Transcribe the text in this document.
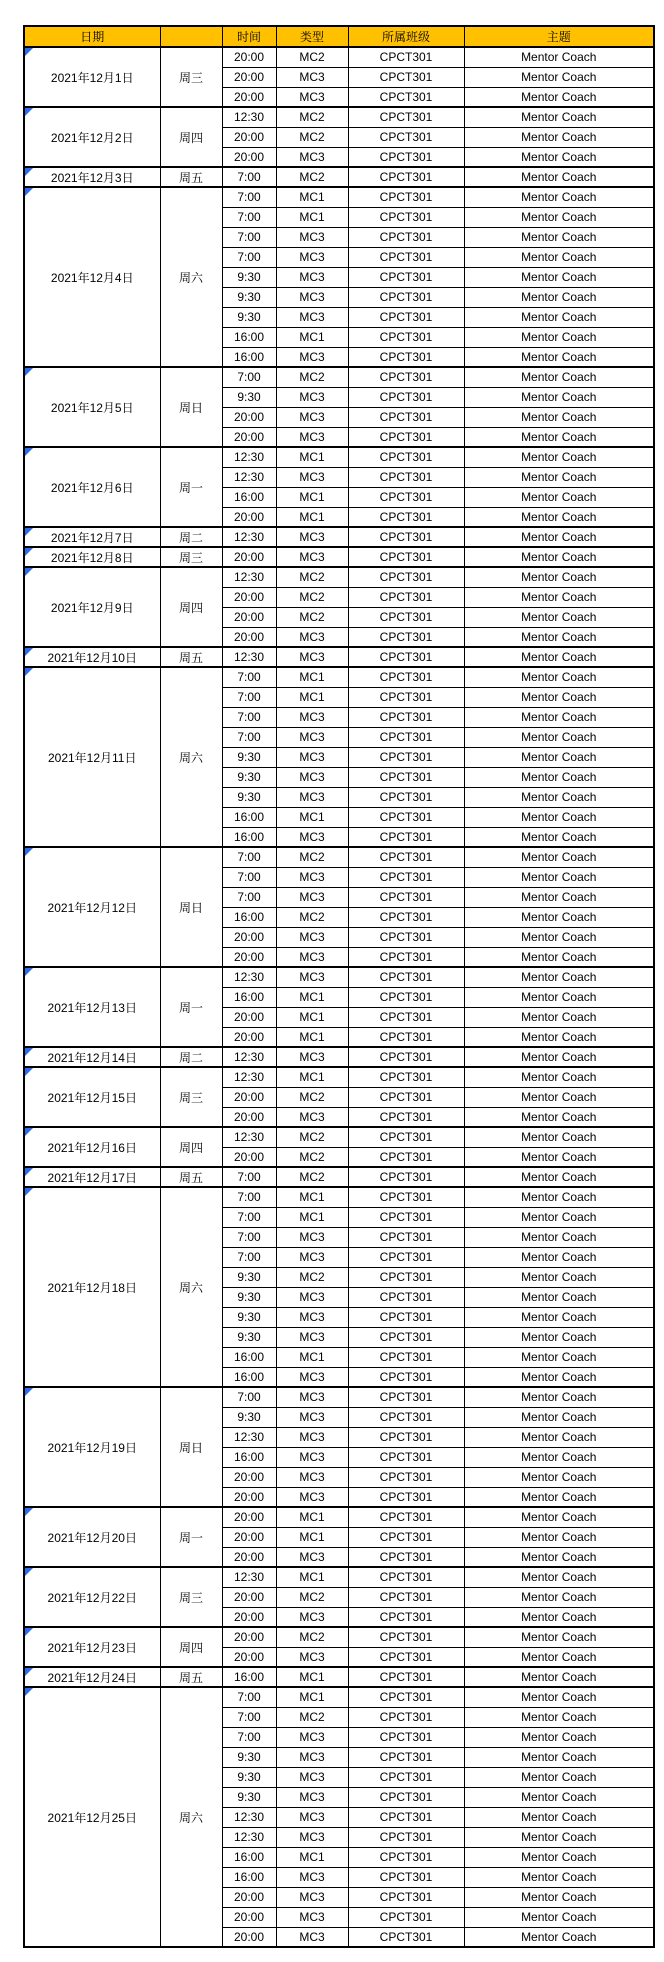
日期		时间	类型	所属班级	主题

2021年12月1日	周三	20:00	MC2	CPCT301	Mentor Coach
		20:00	MC3	CPCT301	Mentor Coach
		20:00	MC3	CPCT301	Mentor Coach

2021年12月2日	周四	12:30	MC2	CPCT301	Mentor Coach
		20:00	MC2	CPCT301	Mentor Coach
		20:00	MC3	CPCT301	Mentor Coach

2021年12月3日	周五	7:00	MC2	CPCT301	Mentor Coach

2021年12月4日	周六	7:00	MC1	CPCT301	Mentor Coach
		7:00	MC1	CPCT301	Mentor Coach
		7:00	MC3	CPCT301	Mentor Coach
		7:00	MC3	CPCT301	Mentor Coach
		9:30	MC3	CPCT301	Mentor Coach
		9:30	MC3	CPCT301	Mentor Coach
		9:30	MC3	CPCT301	Mentor Coach
		16:00	MC1	CPCT301	Mentor Coach
		16:00	MC3	CPCT301	Mentor Coach

2021年12月5日	周日	7:00	MC2	CPCT301	Mentor Coach
		9:30	MC3	CPCT301	Mentor Coach
		20:00	MC3	CPCT301	Mentor Coach
		20:00	MC3	CPCT301	Mentor Coach

2021年12月6日	周一	12:30	MC1	CPCT301	Mentor Coach
		12:30	MC3	CPCT301	Mentor Coach
		16:00	MC1	CPCT301	Mentor Coach
		20:00	MC1	CPCT301	Mentor Coach

2021年12月7日	周二	12:30	MC3	CPCT301	Mentor Coach

2021年12月8日	周三	20:00	MC3	CPCT301	Mentor Coach

2021年12月9日	周四	12:30	MC2	CPCT301	Mentor Coach
		20:00	MC2	CPCT301	Mentor Coach
		20:00	MC2	CPCT301	Mentor Coach
		20:00	MC3	CPCT301	Mentor Coach

2021年12月10日	周五	12:30	MC3	CPCT301	Mentor Coach

2021年12月11日	周六	7:00	MC1	CPCT301	Mentor Coach
		7:00	MC1	CPCT301	Mentor Coach
		7:00	MC3	CPCT301	Mentor Coach
		7:00	MC3	CPCT301	Mentor Coach
		9:30	MC3	CPCT301	Mentor Coach
		9:30	MC3	CPCT301	Mentor Coach
		9:30	MC3	CPCT301	Mentor Coach
		16:00	MC1	CPCT301	Mentor Coach
		16:00	MC3	CPCT301	Mentor Coach

2021年12月12日	周日	7:00	MC2	CPCT301	Mentor Coach
		7:00	MC3	CPCT301	Mentor Coach
		7:00	MC3	CPCT301	Mentor Coach
		16:00	MC2	CPCT301	Mentor Coach
		20:00	MC3	CPCT301	Mentor Coach
		20:00	MC3	CPCT301	Mentor Coach

2021年12月13日	周一	12:30	MC3	CPCT301	Mentor Coach
		16:00	MC1	CPCT301	Mentor Coach
		20:00	MC1	CPCT301	Mentor Coach
		20:00	MC1	CPCT301	Mentor Coach

2021年12月14日	周二	12:30	MC3	CPCT301	Mentor Coach

2021年12月15日	周三	12:30	MC1	CPCT301	Mentor Coach
		20:00	MC2	CPCT301	Mentor Coach
		20:00	MC3	CPCT301	Mentor Coach

2021年12月16日	周四	12:30	MC2	CPCT301	Mentor Coach
		20:00	MC2	CPCT301	Mentor Coach

2021年12月17日	周五	7:00	MC2	CPCT301	Mentor Coach

2021年12月18日	周六	7:00	MC1	CPCT301	Mentor Coach
		7:00	MC1	CPCT301	Mentor Coach
		7:00	MC3	CPCT301	Mentor Coach
		7:00	MC3	CPCT301	Mentor Coach
		9:30	MC2	CPCT301	Mentor Coach
		9:30	MC3	CPCT301	Mentor Coach
		9:30	MC3	CPCT301	Mentor Coach
		9:30	MC3	CPCT301	Mentor Coach
		16:00	MC1	CPCT301	Mentor Coach
		16:00	MC3	CPCT301	Mentor Coach

2021年12月19日	周日	7:00	MC3	CPCT301	Mentor Coach
		9:30	MC3	CPCT301	Mentor Coach
		12:30	MC3	CPCT301	Mentor Coach
		16:00	MC3	CPCT301	Mentor Coach
		20:00	MC3	CPCT301	Mentor Coach
		20:00	MC3	CPCT301	Mentor Coach

2021年12月20日	周一	20:00	MC1	CPCT301	Mentor Coach
		20:00	MC1	CPCT301	Mentor Coach
		20:00	MC3	CPCT301	Mentor Coach

2021年12月22日	周三	12:30	MC1	CPCT301	Mentor Coach
		20:00	MC2	CPCT301	Mentor Coach
		20:00	MC3	CPCT301	Mentor Coach

2021年12月23日	周四	20:00	MC2	CPCT301	Mentor Coach
		20:00	MC3	CPCT301	Mentor Coach

2021年12月24日	周五	16:00	MC1	CPCT301	Mentor Coach

2021年12月25日	周六	7:00	MC1	CPCT301	Mentor Coach
		7:00	MC2	CPCT301	Mentor Coach
		7:00	MC3	CPCT301	Mentor Coach
		9:30	MC3	CPCT301	Mentor Coach
		9:30	MC3	CPCT301	Mentor Coach
		9:30	MC3	CPCT301	Mentor Coach
		12:30	MC3	CPCT301	Mentor Coach
		12:30	MC3	CPCT301	Mentor Coach
		16:00	MC1	CPCT301	Mentor Coach
		16:00	MC3	CPCT301	Mentor Coach
		20:00	MC3	CPCT301	Mentor Coach
		20:00	MC3	CPCT301	Mentor Coach
		20:00	MC3	CPCT301	Mentor Coach
